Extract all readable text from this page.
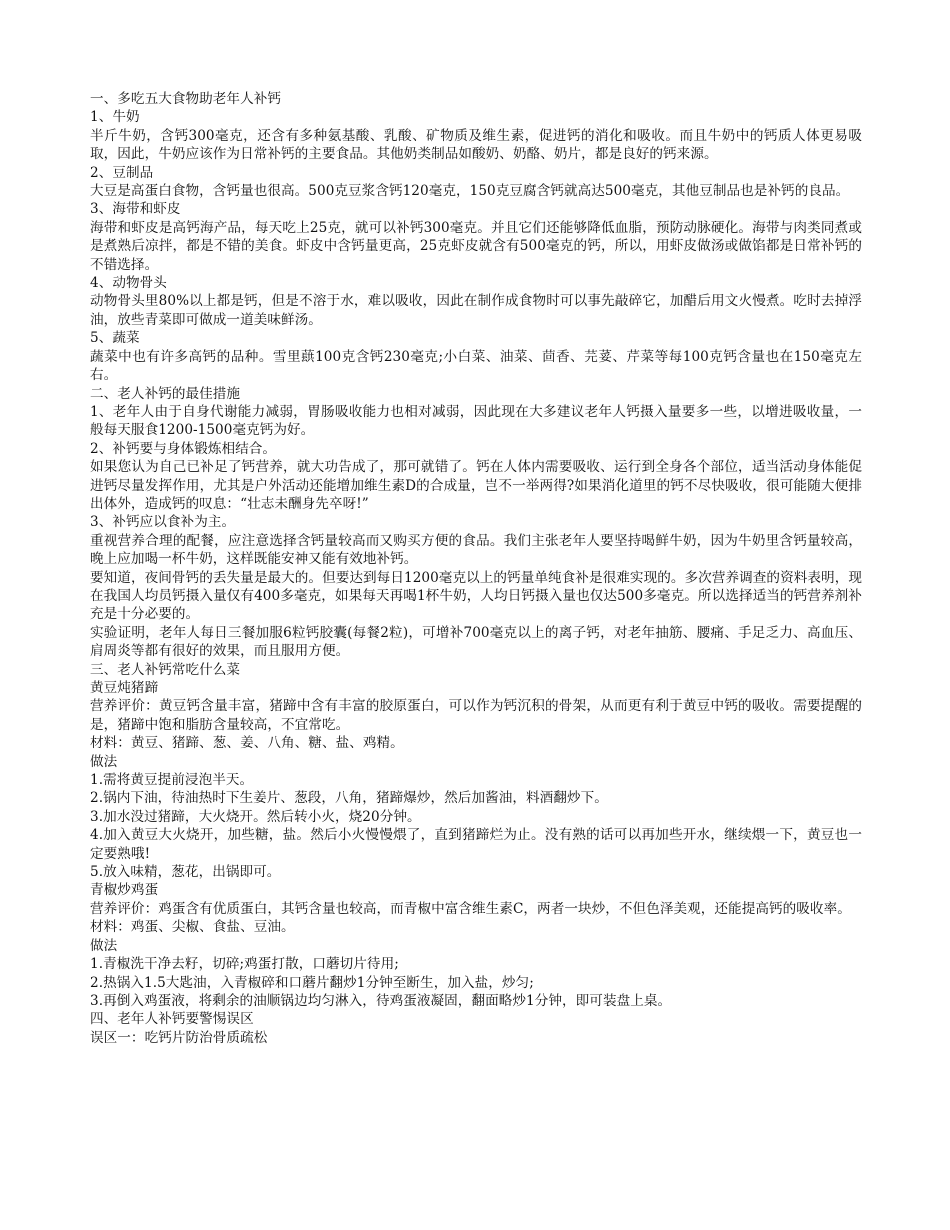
一、多吃五大食物助老年人补钙

1、牛奶

半斤牛奶，含钙300毫克，还含有多种氨基酸、乳酸、矿物质及维生素，促进钙的消化和吸收。而且牛奶中的钙质人体更易吸取，因此，牛奶应该作为日常补钙的主要食品。其他奶类制品如酸奶、奶酪、奶片，都是良好的钙来源。

2、豆制品

大豆是高蛋白食物，含钙量也很高。500克豆浆含钙120毫克，150克豆腐含钙就高达500毫克，其他豆制品也是补钙的良品。

3、海带和虾皮

海带和虾皮是高钙海产品，每天吃上25克，就可以补钙300毫克。并且它们还能够降低血脂，预防动脉硬化。海带与肉类同煮或是煮熟后凉拌，都是不错的美食。虾皮中含钙量更高，25克虾皮就含有500毫克的钙，所以，用虾皮做汤或做馅都是日常补钙的不错选择。

4、动物骨头

动物骨头里80%以上都是钙，但是不溶于水，难以吸收，因此在制作成食物时可以事先敲碎它，加醋后用文火慢煮。吃时去掉浮油，放些青菜即可做成一道美味鲜汤。

5、蔬菜

蔬菜中也有许多高钙的品种。雪里蕻100克含钙230毫克;小白菜、油菜、茴香、芫荽、芹菜等每100克钙含量也在150毫克左右。

二、老人补钙的最佳措施

1、老年人由于自身代谢能力减弱，胃肠吸收能力也相对减弱，因此现在大多建议老年人钙摄入量要多一些，以增进吸收量，一般每天服食1200-1500毫克钙为好。

2、补钙要与身体锻炼相结合。

如果您认为自己已补足了钙营养，就大功告成了，那可就错了。钙在人体内需要吸收、运行到全身各个部位，适当活动身体能促进钙尽量发挥作用，尤其是户外活动还能增加维生素D的合成量，岂不一举两得?如果消化道里的钙不尽快吸收，很可能随大便排出体外，造成钙的叹息：“壮志未酬身先卒呀!”

3、补钙应以食补为主。

重视营养合理的配餐，应注意选择含钙量较高而又购买方便的食品。我们主张老年人要坚持喝鲜牛奶，因为牛奶里含钙量较高，晚上应加喝一杯牛奶，这样既能安神又能有效地补钙。

要知道，夜间骨钙的丢失量是最大的。但要达到每日1200毫克以上的钙量单纯食补是很难实现的。多次营养调查的资料表明，现在我国人均员钙摄入量仅有400多毫克，如果每天再喝1杯牛奶，人均日钙摄入量也仅达500多毫克。所以选择适当的钙营养剂补充是十分必要的。

实验证明，老年人每日三餐加服6粒钙胶囊(每餐2粒)，可增补700毫克以上的离子钙，对老年抽筋、腰痛、手足乏力、高血压、肩周炎等都有很好的效果，而且服用方便。

三、老人补钙常吃什么菜

黄豆炖猪蹄

营养评价：黄豆钙含量丰富，猪蹄中含有丰富的胶原蛋白，可以作为钙沉积的骨架，从而更有利于黄豆中钙的吸收。需要提醒的是，猪蹄中饱和脂肪含量较高，不宜常吃。

材料：黄豆、猪蹄、葱、姜、八角、糖、盐、鸡精。

做法

1.需将黄豆提前浸泡半天。

2.锅内下油，待油热时下生姜片、葱段，八角，猪蹄爆炒，然后加酱油，料酒翻炒下。

3.加水没过猪蹄，大火烧开。然后转小火，烧20分钟。

4.加入黄豆大火烧开，加些糖，盐。然后小火慢慢煨了，直到猪蹄烂为止。没有熟的话可以再加些开水，继续煨一下，黄豆也一定要熟哦!

5.放入味精，葱花，出锅即可。

青椒炒鸡蛋

营养评价：鸡蛋含有优质蛋白，其钙含量也较高，而青椒中富含维生素C，两者一块炒，不但色泽美观，还能提高钙的吸收率。

材料：鸡蛋、尖椒、食盐、豆油。

做法

1.青椒洗干净去籽，切碎;鸡蛋打散，口蘑切片待用;

2.热锅入1.5大匙油，入青椒碎和口蘑片翻炒1分钟至断生，加入盐，炒匀;

3.再倒入鸡蛋液，将剩余的油顺锅边均匀淋入，待鸡蛋液凝固，翻面略炒1分钟，即可装盘上桌。

四、老年人补钙要警惕误区

误区一：吃钙片防治骨质疏松
